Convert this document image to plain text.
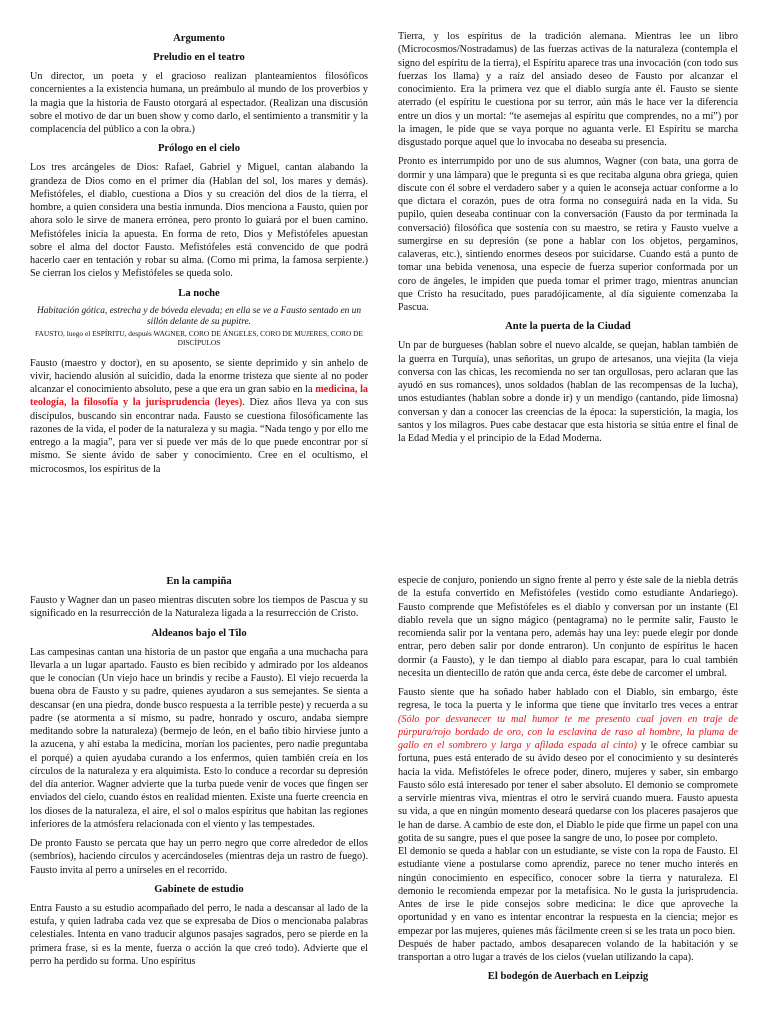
Argumento
Preludio en el teatro

Un director, un poeta y el gracioso realizan planteamientos filosóficos concernientes a la existencia humana, un preámbulo al mundo de los proverbios y la magia que la historia de Fausto otorgará al espectador. (Realizan una discusión sobre el motivo de dar un buen show y como darlo, el sentimiento a transmitir y la complacencia del público a con la obra.)

Prólogo en el cielo

Los tres arcángeles de Dios: Rafael, Gabriel y Miguel, cantan alabando la grandeza de Dios como en el primer día (Hablan del sol, los mares y demás). Mefistófeles, el diablo, cuestiona a Dios y su creación del dios de la tierra, el hombre, a quien considera una bestia inmunda. Dios menciona a Fausto, quien por ahora solo le sirve de manera errónea, pero pronto lo guiará por el buen camino. Mefistófeles inicia la apuesta. En forma de reto, Dios y Mefistófeles apuestan sobre el alma del doctor Fausto. Mefistófeles está convencido de que podrá hacerlo caer en tentación y robar su alma. (Como mi prima, la famosa serpiente.) Se cierran los cielos y Mefistófeles se queda solo.

La noche
Habitación gótica, estrecha y de bóveda elevada; en ella se ve a Fausto sentado en un sillón delante de su pupitre.
FAUSTO, luego el ESPÍRITU, después WAGNER, CORO DE ÁNGELES, CORO DE MUJERES, CORO DE DISCÍPULOS

Fausto (maestro y doctor), en su aposento, se siente deprimido y sin anhelo de vivir, haciendo alusión al suicidio, dada la enorme tristeza que siente al no poder alcanzar el conocimiento absoluto, pese a que era un gran sabio en la medicina, la teología, la filosofía y la jurisprudencia (leyes). Diez años lleva ya con sus discípulos, buscando sin encontrar nada. Fausto se cuestiona filosóficamente las razones de la vida, el poder de la naturaleza y su magia. “Nada tengo y por ello me entrego a la magia”, para ver si puede ver más de lo que puede encontrar por sí mismo. Se siente ávido de saber y conocimiento. Cree en el ocultismo, el microcosmos, los espíritus de la

Tierra, y los espíritus de la tradición alemana. Mientras lee un libro (Microcosmos/Nostradamus) de las fuerzas activas de la naturaleza (contempla el signo del espíritu de la tierra), el Espíritu aparece tras una invocación (con todo sus fuerzas los llama) y a raíz del ansiado deseo de Fausto por alcanzar el conocimiento. Era la primera vez que el diablo surgía ante él. Fausto se siente aterrado (el espíritu le cuestiona por su terror, aún más le hace ver la diferencia entre un dios y un mortal: “te asemejas al espíritu que comprendes, no a mí”) por la imagen, le pide que se vaya porque no aguanta verle. El Espíritu se marcha disgustado porque aquel que lo invocaba no deseaba su presencia.

Pronto es interrumpido por uno de sus alumnos, Wagner (con bata, una gorra de dormir y una lámpara) que le pregunta si es que recitaba alguna obra griega, quien discute con él sobre el verdadero saber y a quien le aconseja actuar conforme a lo que dictara el corazón, pues de otra forma no conseguirá nada en la vida. Su pupilo, quien deseaba continuar con la conversación (Fausto da por terminada la conversació) filosófica que sostenía con su maestro, se retira y Fausto vuelve a sumergirse en su depresión (se pone a hablar con los objetos, pergaminos, calaveras, etc.), sintiendo enormes deseos por suicidarse. Cuando está a punto de tomar una bebida venenosa, una especie de fuerza superior conformada por un coro de ángeles, le impiden que pueda tomar el primer trago, mientras anuncian que Cristo ha resucitado, pues paradójicamente, al día siguiente comenzaba la Pascua.

Ante la puerta de la Ciudad

Un par de burgueses (hablan sobre el nuevo alcalde, se quejan, hablan también de la guerra en Turquía), unas señoritas, un grupo de artesanos, una viejita (la vieja conversa con las chicas, les recomienda no ser tan orgullosas, pero aclaran que las ayudó en sus romances), unos soldados (hablan de las recompensas de la lucha), unos estudiantes (hablan sobre a donde ir) y un mendigo (cantando, pide limosna) conversan y dan a conocer las creencias de la época: la superstición, la magia, los santos y los milagros. Pues cabe destacar que esta historia se sitúa entre el final de la Edad Media y el principio de la Edad Moderna.

En la campiña

Fausto y Wagner dan un paseo mientras discuten sobre los tiempos de Pascua y su significado en la resurrección de la Naturaleza ligada a la resurrección de Cristo.

Aldeanos bajo el Tilo

Las campesinas cantan una historia de un pastor que engaña a una muchacha para llevarla a un lugar apartado. Fausto es bien recibido y admirado por los aldeanos que le conocían (Un viejo hace un brindis y recibe a Fausto). El viejo recuerda la buena obra de Fausto y su padre, quienes ayudaron a sus semejantes. Se sienta a descansar (en una piedra, donde busco respuesta a la terrible peste) y recuerda a su padre (se atormenta a sí mismo, su padre, honrado y oscuro, andaba siempre meditando sobre la naturaleza) (bermejo de león, en el baño tibio hirviese junto a la azucena, y ahí estaba la medicina, morían los pacientes, pero nadie preguntaba el porqué) a quien ayudaba curando a los enfermos, quien también creía en los círculos de la naturaleza y era alquimista. Esto lo conduce a recordar su depresión del día anterior. Wagner advierte que la turba puede venir de voces que fingen ser enviados del cielo, cuando éstos en realidad mienten. Existe una fuerte creencia en los dioses de la naturaleza, el aire, el sol o malos espíritus que habitan las regiones inferiores de la atmósfera relacionada con el viento y las tempestades.

De pronto Fausto se percata que hay un perro negro que corre alrededor de ellos (sembríos), haciendo círculos y acercándoseles (mientras deja un rastro de fuego). Fausto invita al perro a unírseles en el recorrido.

Gabinete de estudio

Entra Fausto a su estudio acompañado del perro, le nada a descansar al lado de la estufa, y quien ladraba cada vez que se expresaba de Dios o mencionaba palabras celestiales. Intenta en vano traducir algunos pasajes sagrados, pero se pierde en la primera frase, si es la mente, fuerza o acción la que creó todo). Advierte que el perro ha perdido su forma. Uno espíritus

especie de conjuro, poniendo un signo frente al perro y éste sale de la niebla detrás de la estufa convertido en Mefistófeles (vestido como estudiante Andariego). Fausto comprende que Mefistófeles es el diablo y conversan por un instante (El diablo revela que un signo mágico (pentagrama) no le permite salir, Fausto le recomienda salir por la ventana pero, además hay una ley: puede elegir por donde entrar, pero deben salir por donde entraron). Un conjunto de espíritus le hacen dormir (a Fausto), y le dan tiempo al diablo para escapar, para lo cual también necesita un dientecillo de ratón que anda cerca, éste debe de carcomer el umbral.

Fausto siente que ha soñado haber hablado con el Diablo, sin embargo, éste regresa, le toca la puerta y le informa que tiene que invitarlo tres veces a entrar (Sólo por desvanecer tu mal humor te me presento cual joven en traje de púrpura/rojo bordado de oro, con la esclavina de raso al hombre, la pluma de gallo en el sombrero y larga y afilada espada al cinto) y le ofrece cambiar su fortuna, pues está enterado de su ávido deseo por el conocimiento y su desinterés hacia la vida. Mefistófeles le ofrece poder, dinero, mujeres y saber, sin embargo Fausto sólo está interesado por tener el saber absoluto. El demonio se compromete a servirle mientras viva, mientras el otro le servirá cuando muera. Fausto apuesta su vida, a que en ningún momento deseará quedarse con los placeres pasajeros que le han de darse. A cambio de este don, el Diablo le pide que firme un papel con una gotita de su sangre, pues el que posee la sangre de uno, lo posee por completo.

El demonio se queda a hablar con un estudiante, se viste con la ropa de Fausto. El estudiante viene a postularse como aprendiz, parece no tener mucho interés en ningún conocimiento en específico, conocer sobre la tierra y naturaleza. El demonio le recomienda empezar por la metafísica. No le gusta la jurisprudencia. Antes de irse le pide consejos sobre medicina: le dice que aproveche la oportunidad y en vano es intentar encontrar la respuesta en la ciencia; mejor es empezar por las mujeres, quienes más fácilmente creen si se les trata un poco bien.

Después de haber pactado, ambos desaparecen volando de la habitación y se transportan a otro lugar a través de los cielos (vuelan utilizando la capa).

El bodegón de Auerbach en Leipzig
